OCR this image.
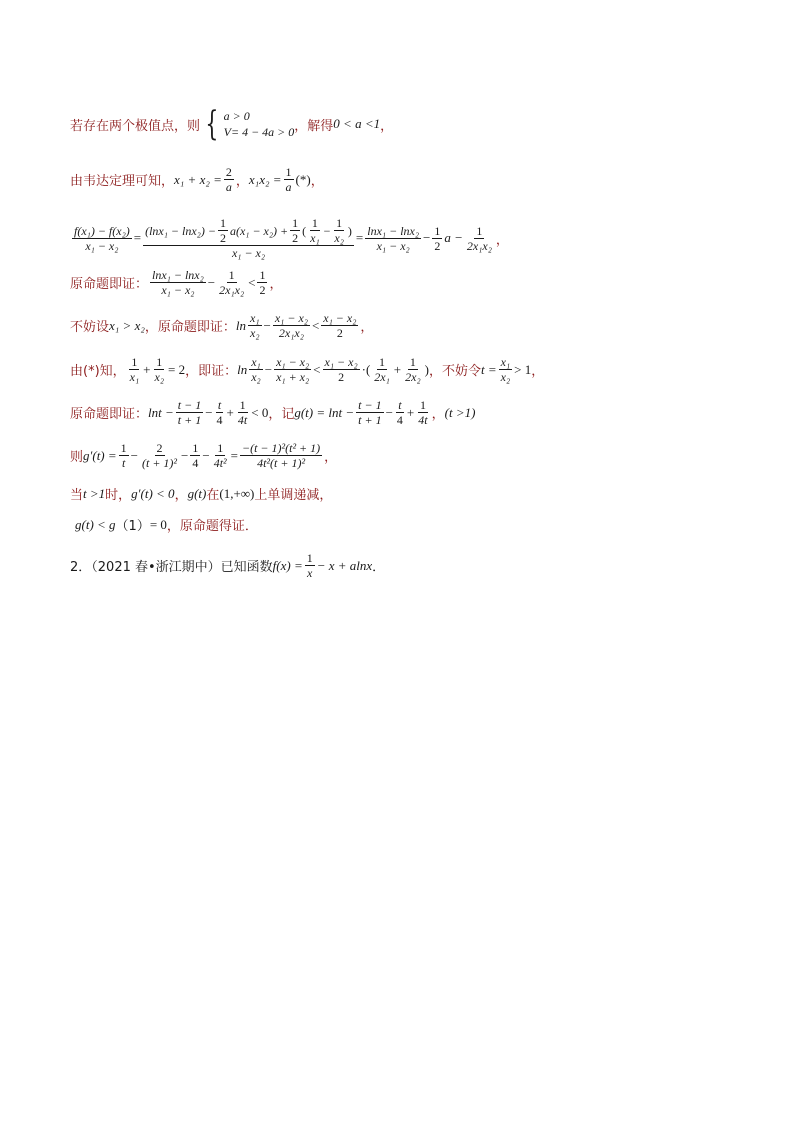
若存在两个极值点，则 { a > 0
V= 4 − 4a > 0 ，解得 0 < a <1 ，
由韦达定理可知， $x_1 + x_2 = \frac{2}{a}$ ， $x_1x_2 = \frac{1}{a}$ (*) ，
$\frac{\text{f(x₁) − f(x₂)}}{\text{x₁ − x₂}} = (\ln x_1 - \ln x_2) - \frac{1}{2} a(x_1 - x_2) + \frac{1}{2}$ ( $\frac{1}{\text{x₁}} - \frac{1}{\text{x₂}}$ )
x₁ − x₂
= $\frac{\text{lnx₁ − lnx₂}}{\text{x₁ − x₂}} - \frac{1}{2}$ $a - \frac{1}{\text{2x₁x₂}}$ ，
原命题即证： $\frac{\text{lnx₁ − lnx₂}}{\text{x₁ − x₂}} - \frac{1}{\text{2x₁x₂}} < \frac{1}{2}$ ，
不妨设 x₁ > x₂ ，原命题即证： $\ln \frac{\text{x₁}}{\text{x₂}} - \frac{\text{x₁ − x₂}}{\text{2x₁x₂}} < \frac{\text{x₁ − x₂}}{2}$ ，
由(*)知， $\frac{1}{\text{x₁}} + \frac{1}{\text{x₂}} = 2$ ，即证： $\ln \frac{\text{x₁}}{\text{x₂}} - \frac{\text{x₁ − x₂}}{\text{x₁ + x₂}} < \frac{\text{x₁ − x₂}}{2}$ ·( $\frac{1}{\text{2x₁}} + \frac{1}{\text{2x₂}}$ ) ，不妨令 $t = \frac{\text{x₁}}{\text{x₂}} > 1$ ，
原命题即证： $\ln t - \frac{t - 1}{t + 1} - \frac{t}{4} + \frac{1}{4t} < 0$ ，记 $g(t) = \ln t - \frac{t - 1}{t + 1} - \frac{t}{4} + \frac{1}{4t}$ ， (t >1)
则 $g'(t) = \frac{1}{t} - \frac{2}{\text{(t + 1)²}} - \frac{1}{4} - \frac{1}{\text{4t²}} = \frac{\text{−(t − 1)²(t² + 1)}}{\text{4t²(t + 1)²}}$ ，
当 t >1 时， g′(t) < 0 ， g(t) 在 (1,+∞) 上单调递减，
g(t) < g （1） = 0 ，原命题得证．
2．（2021 春•浙江期中）已知函数 $f(x) = \frac{1}{x} - x + alnx$ ．
